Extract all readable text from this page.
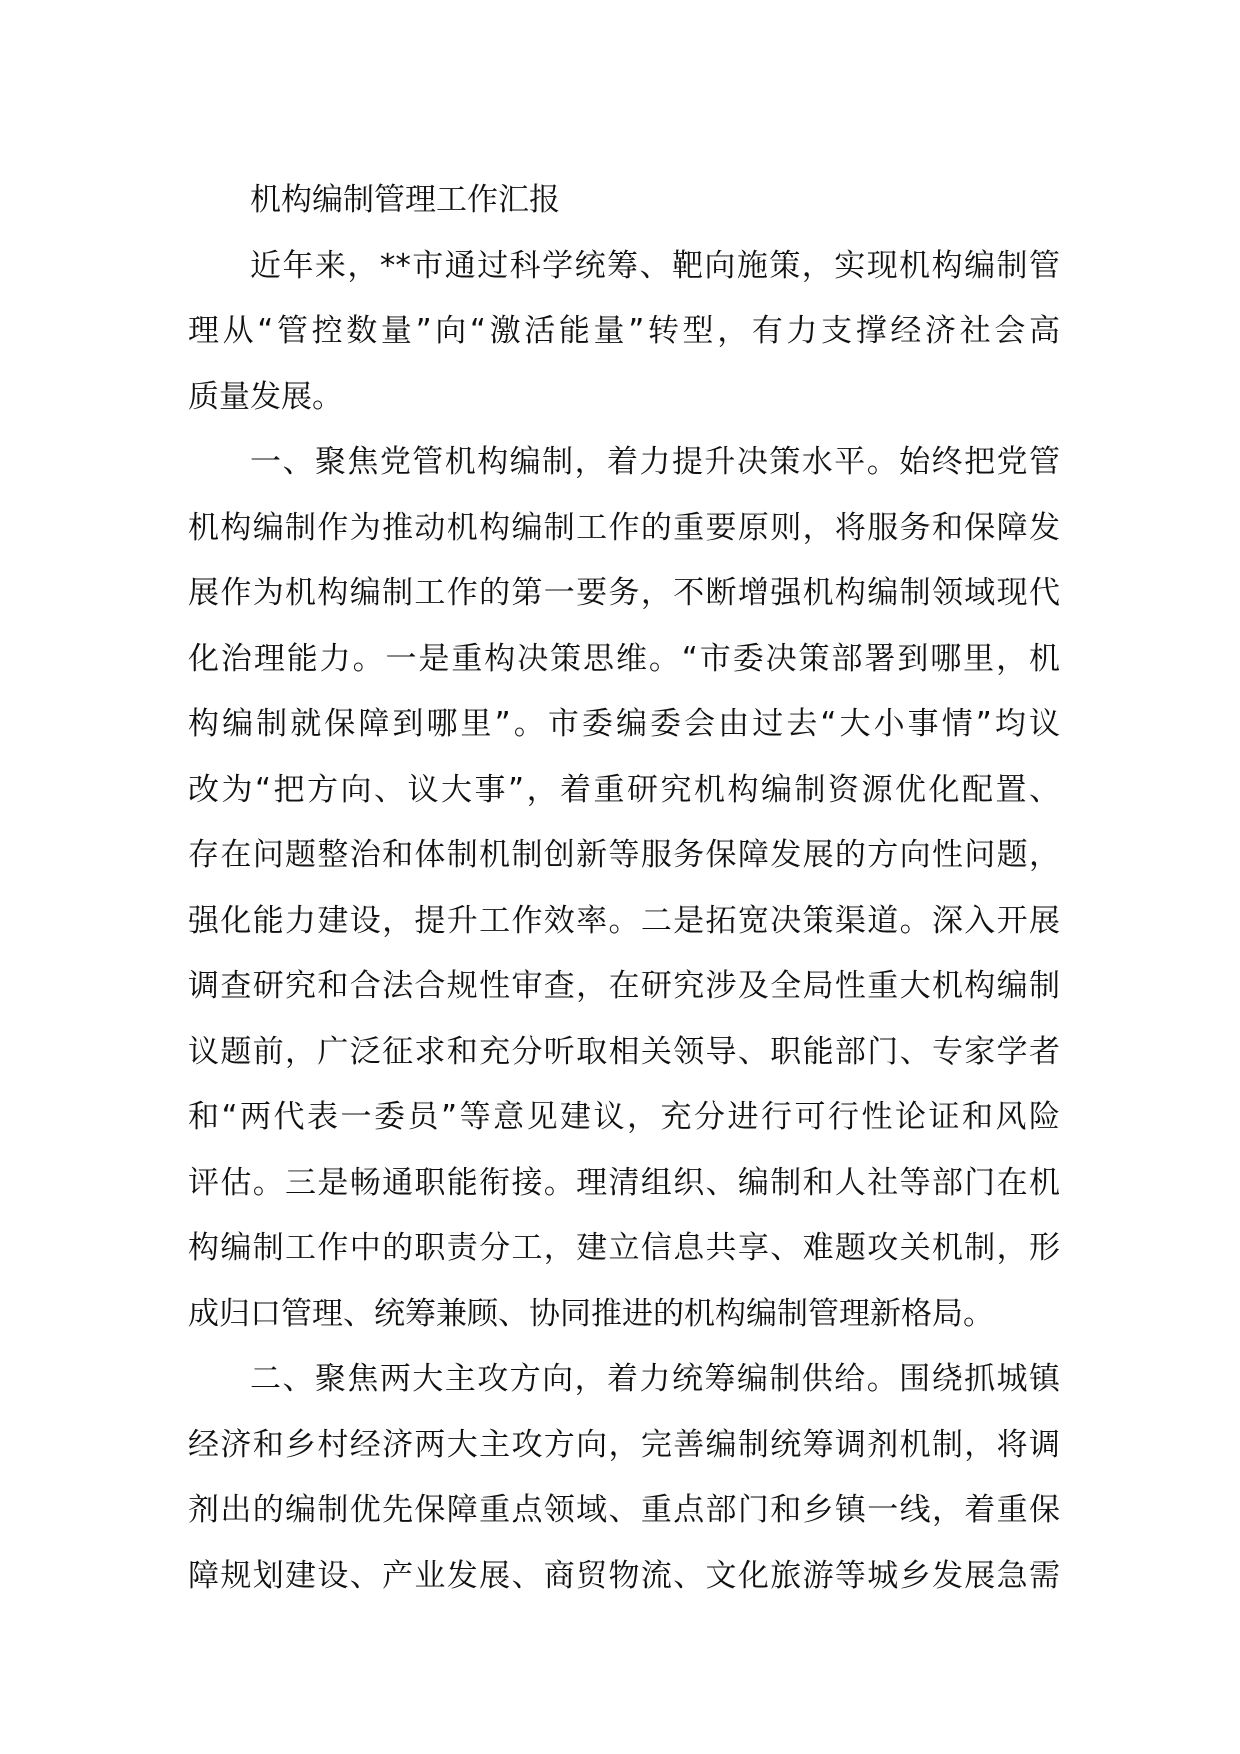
机构编制管理工作汇报
近年来，**市通过科学统筹、靶向施策，实现机构编制管
理从“管控数量”向“激活能量”转型，有力支撑经济社会高
质量发展。
一、聚焦党管机构编制，着力提升决策水平。始终把党管
机构编制作为推动机构编制工作的重要原则，将服务和保障发
展作为机构编制工作的第一要务，不断增强机构编制领域现代
化治理能力。一是重构决策思维。“市委决策部署到哪里，机
构编制就保障到哪里”。市委编委会由过去“大小事情”均议
改为“把方向、议大事”，着重研究机构编制资源优化配置、
存在问题整治和体制机制创新等服务保障发展的方向性问题，
强化能力建设，提升工作效率。二是拓宽决策渠道。深入开展
调查研究和合法合规性审查，在研究涉及全局性重大机构编制
议题前，广泛征求和充分听取相关领导、职能部门、专家学者
和“两代表一委员”等意见建议，充分进行可行性论证和风险
评估。三是畅通职能衔接。理清组织、编制和人社等部门在机
构编制工作中的职责分工，建立信息共享、难题攻关机制，形
成归口管理、统筹兼顾、协同推进的机构编制管理新格局。
二、聚焦两大主攻方向，着力统筹编制供给。围绕抓城镇
经济和乡村经济两大主攻方向，完善编制统筹调剂机制，将调
剂出的编制优先保障重点领域、重点部门和乡镇一线，着重保
障规划建设、产业发展、商贸物流、文化旅游等城乡发展急需
